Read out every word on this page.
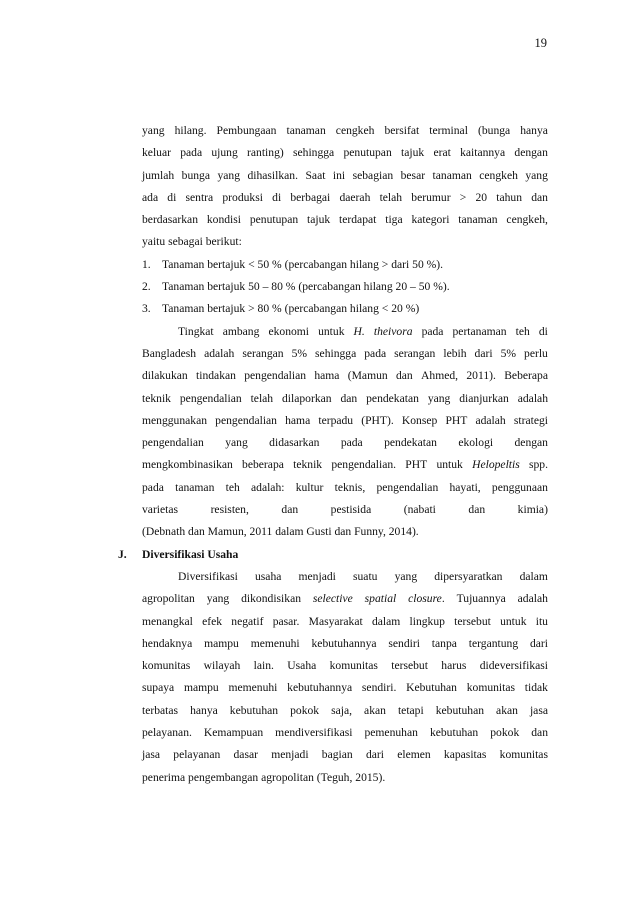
19
yang hilang. Pembungaan tanaman cengkeh bersifat terminal (bunga hanya
keluar pada ujung ranting) sehingga penutupan tajuk erat kaitannya dengan
jumlah bunga yang dihasilkan. Saat ini sebagian besar tanaman cengkeh yang
ada di sentra produksi di berbagai daerah telah berumur > 20 tahun dan
berdasarkan kondisi penutupan tajuk terdapat tiga kategori tanaman cengkeh,
yaitu sebagai berikut:
1. Tanaman bertajuk < 50 % (percabangan hilang > dari 50 %).
2. Tanaman bertajuk 50 – 80 % (percabangan hilang 20 – 50 %).
3. Tanaman bertajuk > 80 % (percabangan hilang < 20 %)
Tingkat ambang ekonomi untuk H. theivora pada pertanaman teh di
Bangladesh adalah serangan 5% sehingga pada serangan lebih dari 5% perlu
dilakukan tindakan pengendalian hama (Mamun dan Ahmed, 2011). Beberapa
teknik pengendalian telah dilaporkan dan pendekatan yang dianjurkan adalah
menggunakan pengendalian hama terpadu (PHT). Konsep PHT adalah strategi
pengendalian yang didasarkan pada pendekatan ekologi dengan
mengkombinasikan beberapa teknik pengendalian. PHT untuk Helopeltis spp.
pada tanaman teh adalah: kultur teknis, pengendalian hayati, penggunaan
varietas	resisten,	dan	pestisida	(nabati	dan	kimia)
(Debnath dan Mamun, 2011 dalam Gusti dan Funny, 2014).
J.	Diversifikasi Usaha
Diversifikasi usaha menjadi suatu yang dipersyaratkan dalam
agropolitan yang dikondisikan selective spatial closure. Tujuannya adalah
menangkal efek negatif pasar. Masyarakat dalam lingkup tersebut untuk itu
hendaknya mampu memenuhi kebutuhannya sendiri tanpa tergantung dari
komunitas wilayah lain. Usaha komunitas tersebut harus dideversifikasi
supaya mampu memenuhi kebutuhannya sendiri. Kebutuhan komunitas tidak
terbatas hanya kebutuhan pokok saja, akan tetapi kebutuhan akan jasa
pelayanan. Kemampuan mendiversifikasi pemenuhan kebutuhan pokok dan
jasa pelayanan dasar menjadi bagian dari elemen kapasitas komunitas
penerima pengembangan agropolitan (Teguh, 2015).
